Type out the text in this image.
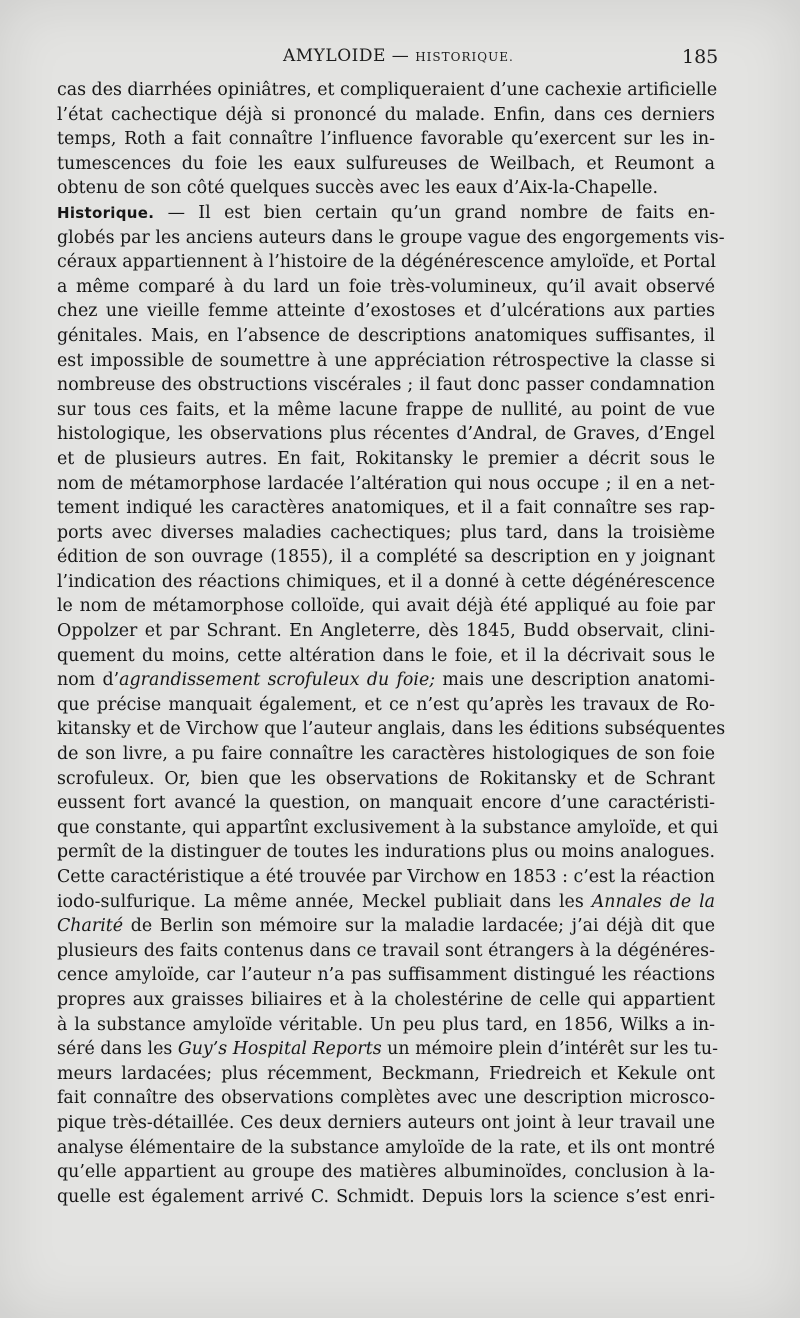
AMYLOIDE — HISTORIQUE.	185
cas des diarrhées opiniâtres, et compliqueraient d’une cachexie artificielle
l’état cachectique déjà si prononcé du malade. Enfin, dans ces derniers
temps, Roth a fait connaître l’influence favorable qu’exercent sur les in-
tumescences du foie les eaux sulfureuses de Weilbach, et Reumont a
obtenu de son côté quelques succès avec les eaux d’Aix-la-Chapelle.
Historique. — Il est bien certain qu’un grand nombre de faits en-
globés par les anciens auteurs dans le groupe vague des engorgements vis-
céraux appartiennent à l’histoire de la dégénérescence amyloïde, et Portal
a même comparé à du lard un foie très-volumineux, qu’il avait observé
chez une vieille femme atteinte d’exostoses et d’ulcérations aux parties
génitales. Mais, en l’absence de descriptions anatomiques suffisantes, il
est impossible de soumettre à une appréciation rétrospective la classe si
nombreuse des obstructions viscérales ; il faut donc passer condamnation
sur tous ces faits, et la même lacune frappe de nullité, au point de vue
histologique, les observations plus récentes d’Andral, de Graves, d’Engel
et de plusieurs autres. En fait, Rokitansky le premier a décrit sous le
nom de métamorphose lardacée l’altération qui nous occupe ; il en a net-
tement indiqué les caractères anatomiques, et il a fait connaître ses rap-
ports avec diverses maladies cachectiques; plus tard, dans la troisième
édition de son ouvrage (1855), il a complété sa description en y joignant
l’indication des réactions chimiques, et il a donné à cette dégénérescence
le nom de métamorphose colloïde, qui avait déjà été appliqué au foie par
Oppolzer et par Schrant. En Angleterre, dès 1845, Budd observait, clini-
quement du moins, cette altération dans le foie, et il la décrivait sous le
nom d’agrandissement scrofuleux du foie; mais une description anatomi-
que précise manquait également, et ce n’est qu’après les travaux de Ro-
kitansky et de Virchow que l’auteur anglais, dans les éditions subséquentes
de son livre, a pu faire connaître les caractères histologiques de son foie
scrofuleux. Or, bien que les observations de Rokitansky et de Schrant
eussent fort avancé la question, on manquait encore d’une caractéristi-
que constante, qui appartînt exclusivement à la substance amyloïde, et qui
permît de la distinguer de toutes les indurations plus ou moins analogues.
Cette caractéristique a été trouvée par Virchow en 1853 : c’est la réaction
iodo-sulfurique. La même année, Meckel publiait dans les Annales de la
Charité de Berlin son mémoire sur la maladie lardacée; j’ai déjà dit que
plusieurs des faits contenus dans ce travail sont étrangers à la dégénéres-
cence amyloïde, car l’auteur n’a pas suffisamment distingué les réactions
propres aux graisses biliaires et à la cholestérine de celle qui appartient
à la substance amyloïde véritable. Un peu plus tard, en 1856, Wilks a in-
séré dans les Guy’s Hospital Reports un mémoire plein d’intérêt sur les tu-
meurs lardacées; plus récemment, Beckmann, Friedreich et Kekule ont
fait connaître des observations complètes avec une description microsco-
pique très-détaillée. Ces deux derniers auteurs ont joint à leur travail une
analyse élémentaire de la substance amyloïde de la rate, et ils ont montré
qu’elle appartient au groupe des matières albuminoïdes, conclusion à la-
quelle est également arrivé C. Schmidt. Depuis lors la science s’est enri-
